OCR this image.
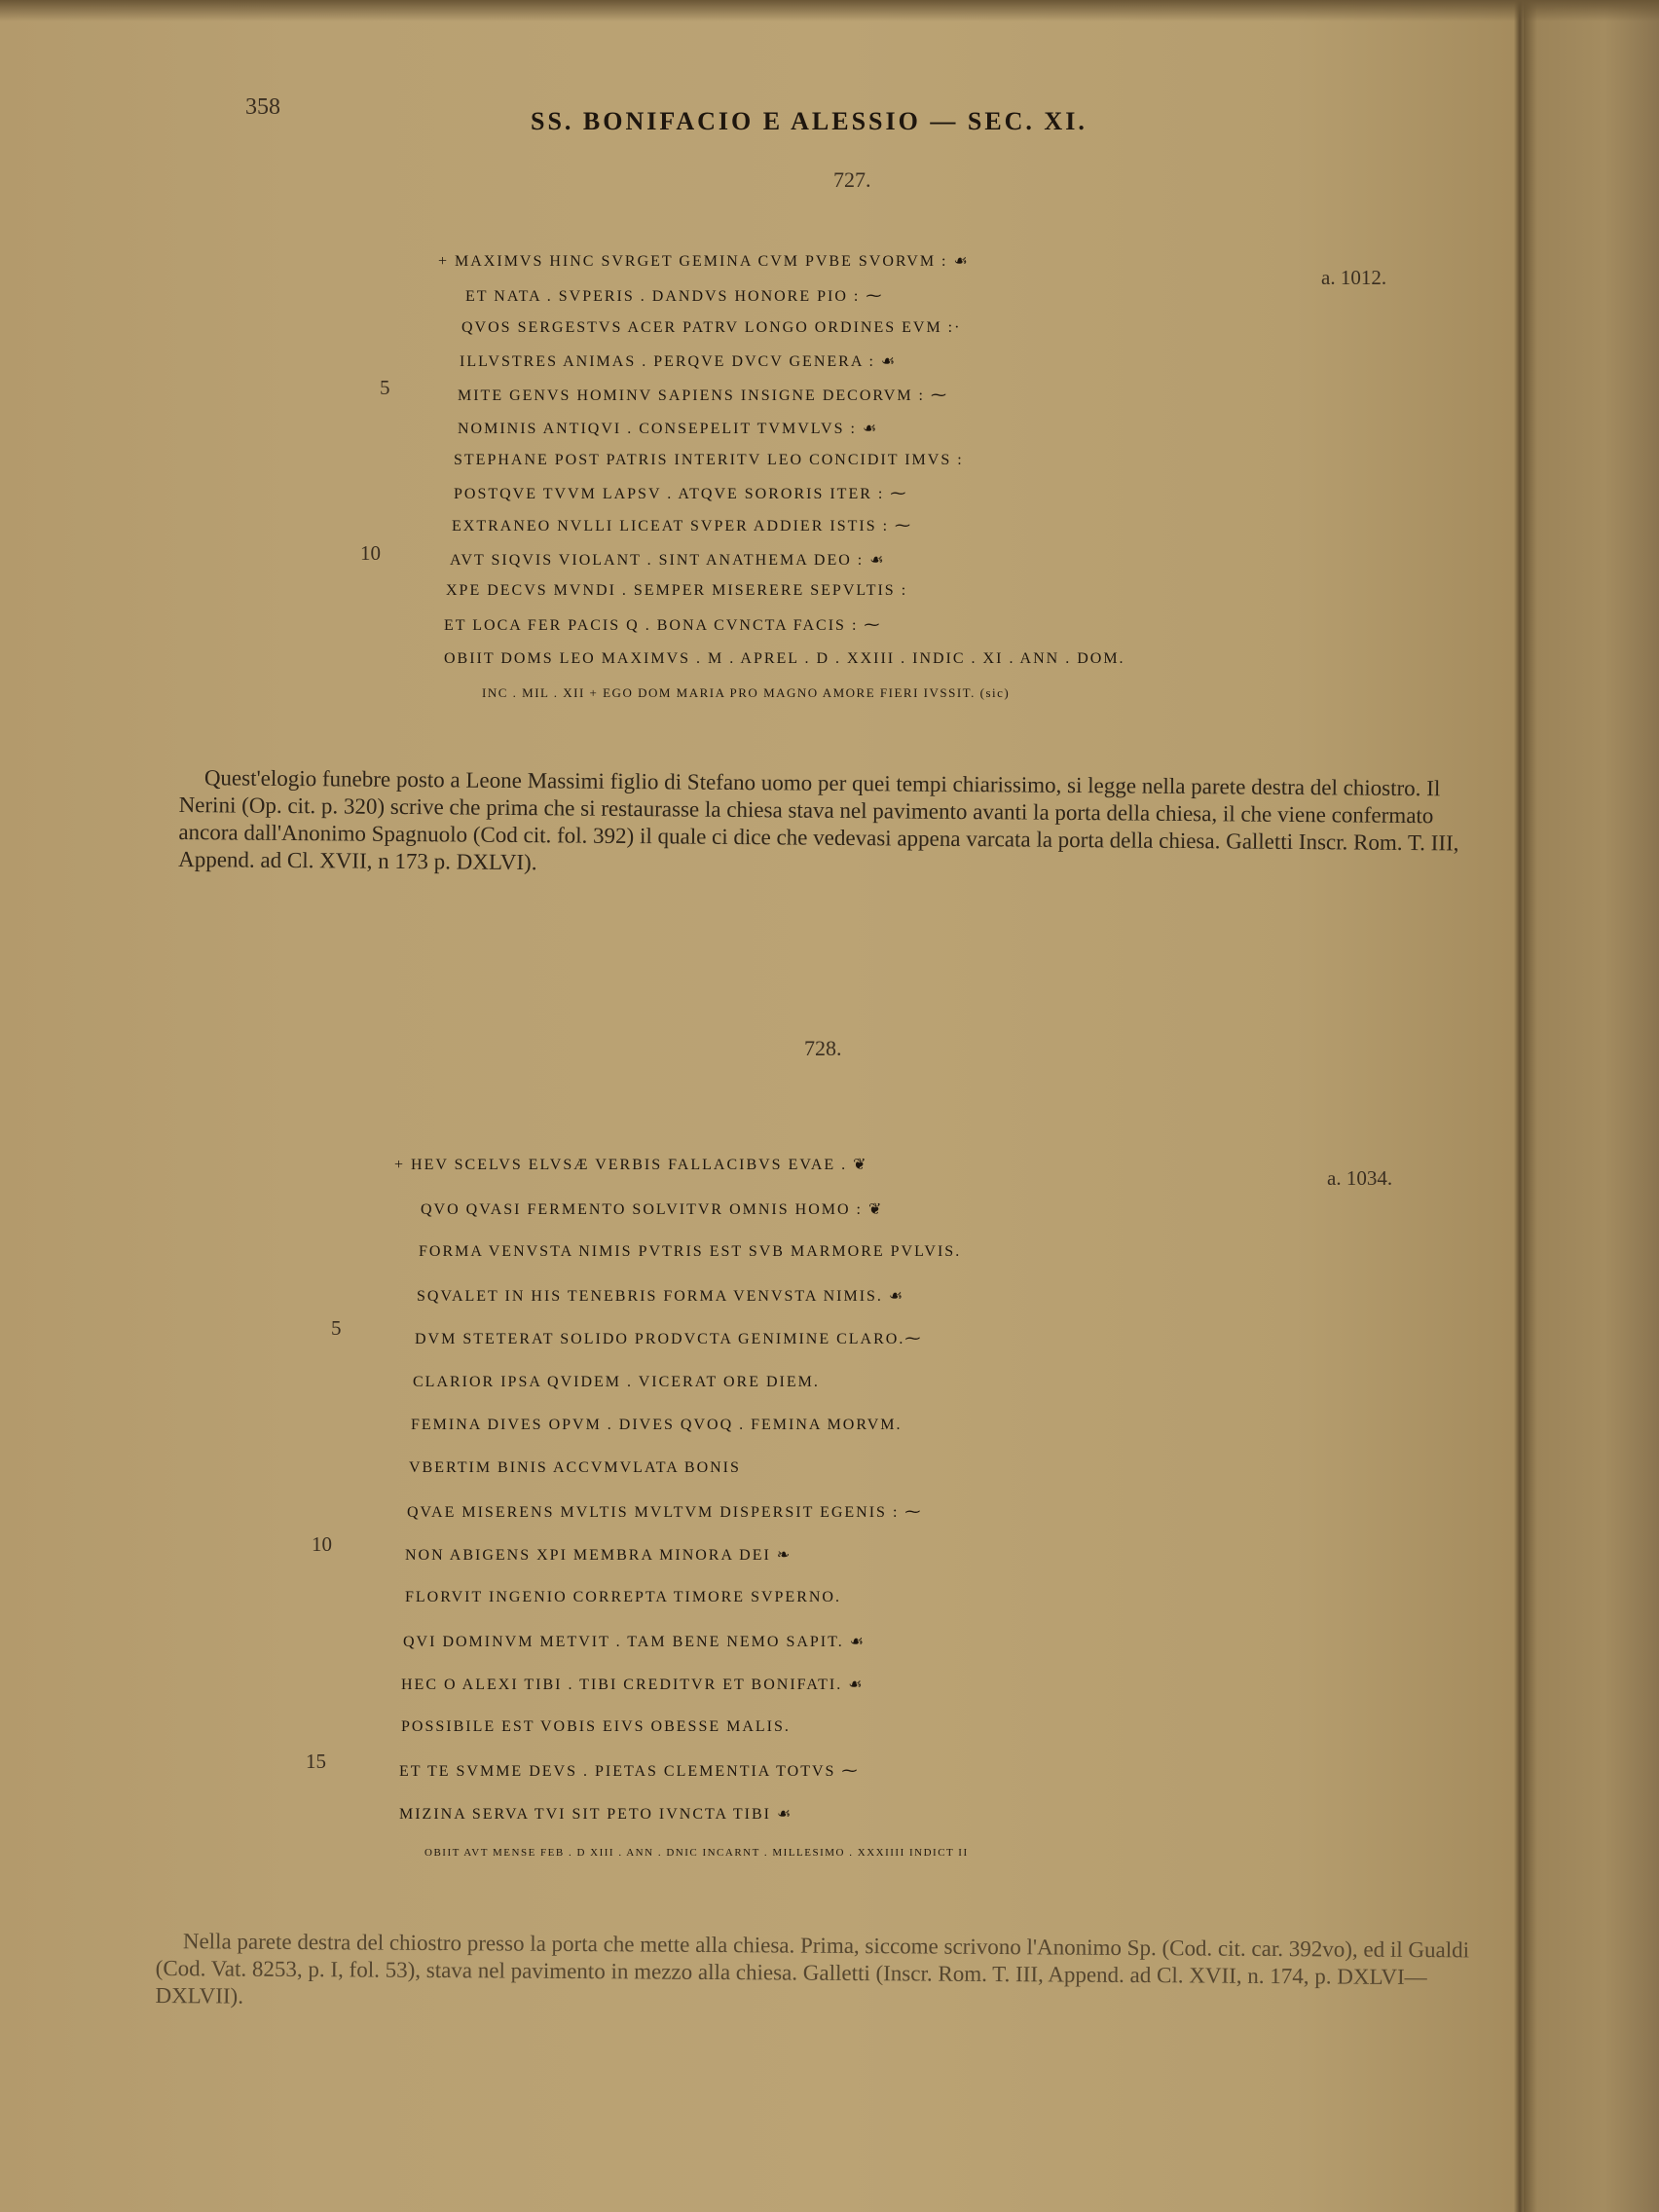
358	SS. BONIFACIO E ALESSIO — SEC. XI.
727.
a. 1012.
+ MAXIMVS HINC SVRGET GEMINA CVM PVBE SVORVM : ☙
ET NATA . SVPERIS . DANDVS HONORE PIO : ⁓
QVOS SERGESTVS ACER PATRV LONGO ORDINES EVM :·
ILLVSTRES ANIMAS . PERQVE DVCV GENERA : ☙
MITE GENVS HOMINV SAPIENS INSIGNE DECORVM : ⁓
NOMINIS ANTIQVI . CONSEPELIT TVMVLVS : ☙
STEPHANE POST PATRIS INTERITV LEO CONCIDIT IMVS :
POSTQVE TVVM LAPSV . ATQVE SORORIS ITER : ⁓
EXTRANEO NVLLI LICEAT SVPER ADDIER ISTIS : ⁓
AVT SIQVIS VIOLANT . SINT ANATHEMA DEO : ☙
XPE DECVS MVNDI . SEMPER MISERERE SEPVLTIS :
ET LOCA FER PACIS Q . BONA CVNCTA FACIS : ⁓
OBIIT DOMS LEO MAXIMVS . M . APREL . D . XXIII . INDIC . XI . ANN . DOM.
INC . MIL . XII + EGO DOM MARIA PRO MAGNO AMORE FIERI IVSSIT. (sic)
5
10

Quest'elogio funebre posto a Leone Massimi figlio di Stefano uomo per quei tempi chiarissimo, si legge nella parete destra del chiostro. Il Nerini (Op. cit. p. 320) scrive che prima che si restaurasse la chiesa stava nel pavimento avanti la porta della chiesa, il che viene confermato ancora dall'Anonimo Spagnuolo (Cod cit. fol. 392) il quale ci dice che vedevasi appena varcata la porta della chiesa. Galletti Inscr. Rom. T. III, Append. ad Cl. XVII, n 173 p. DXLVI).

728.
a. 1034.
+ HEV SCELVS ELVSÆ VERBIS FALLACIBVS EVAE . ❦
QVO QVASI FERMENTO SOLVITVR OMNIS HOMO : ❦
FORMA VENVSTA NIMIS PVTRIS EST SVB MARMORE PVLVIS.
SQVALET IN HIS TENEBRIS FORMA VENVSTA NIMIS. ☙
DVM STETERAT SOLIDO PRODVCTA GENIMINE CLARO.⁓
CLARIOR IPSA QVIDEM . VICERAT ORE DIEM.
FEMINA DIVES OPVM . DIVES QVOQ . FEMINA MORVM.
VBERTIM BINIS ACCVMVLATA BONIS
QVAE MISERENS MVLTIS MVLTVM DISPERSIT EGENIS : ⁓
NON ABIGENS XPI MEMBRA MINORA DEI ❧
FLORVIT INGENIO CORREPTA TIMORE SVPERNO.
QVI DOMINVM METVIT . TAM BENE NEMO SAPIT. ☙
HEC O ALEXI TIBI . TIBI CREDITVR ET BONIFATI. ☙
POSSIBILE EST VOBIS EIVS OBESSE MALIS.
ET TE SVMME DEVS . PIETAS CLEMENTIA TOTVS ⁓
MIZINA SERVA TVI SIT PETO IVNCTA TIBI ☙
OBIIT AVT MENSE FEB . D XIII . ANN . DNIC INCARNT . MILLESIMO . XXXIIII INDICT II
5
10
15

Nella parete destra del chiostro presso la porta che mette alla chiesa. Prima, siccome scrivono l'Anonimo Sp. (Cod. cit. car. 392vo), ed il Gualdi (Cod. Vat. 8253, p. I, fol. 53), stava nel pavimento in mezzo alla chiesa. Galletti (Inscr. Rom. T. III, Append. ad Cl. XVII, n. 174, p. DXLVI—DXLVII).
